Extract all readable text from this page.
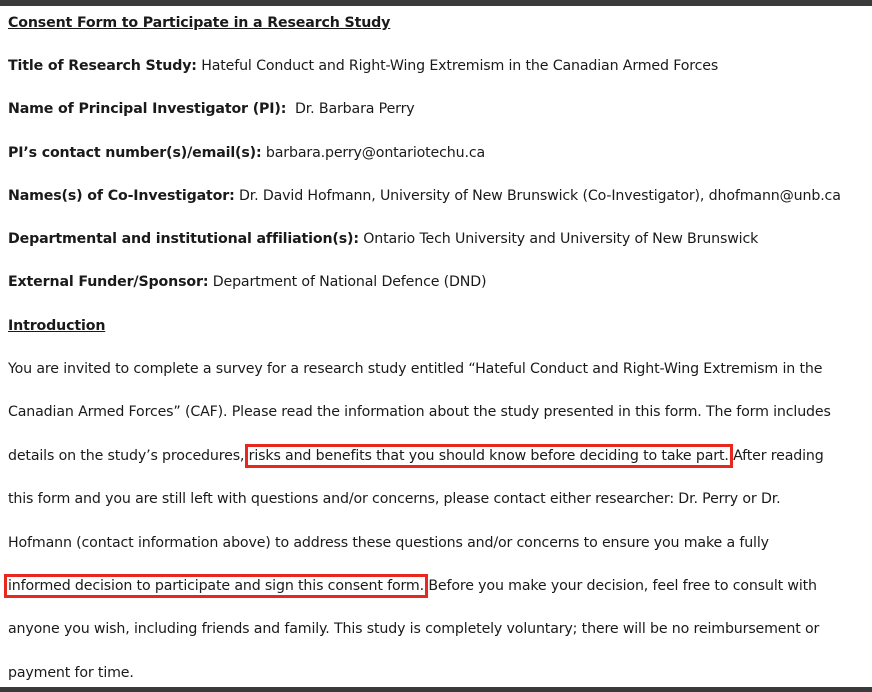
Consent Form to Participate in a Research Study
Title of Research Study: Hateful Conduct and Right-Wing Extremism in the Canadian Armed Forces
Name of Principal Investigator (PI):  Dr. Barbara Perry
PI’s contact number(s)/email(s): barbara.perry@ontariotechu.ca
Names(s) of Co-Investigator: Dr. David Hofmann, University of New Brunswick (Co-Investigator), dhofmann@unb.ca
Departmental and institutional affiliation(s): Ontario Tech University and University of New Brunswick
External Funder/Sponsor: Department of National Defence (DND)
Introduction
You are invited to complete a survey for a research study entitled “Hateful Conduct and Right-Wing Extremism in the
Canadian Armed Forces” (CAF). Please read the information about the study presented in this form. The form includes
details on the study’s procedures, risks and benefits that you should know before deciding to take part. After reading
this form and you are still left with questions and/or concerns, please contact either researcher: Dr. Perry or Dr.
Hofmann (contact information above) to address these questions and/or concerns to ensure you make a fully
informed decision to participate and sign this consent form. Before you make your decision, feel free to consult with
anyone you wish, including friends and family. This study is completely voluntary; there will be no reimbursement or
payment for time.
